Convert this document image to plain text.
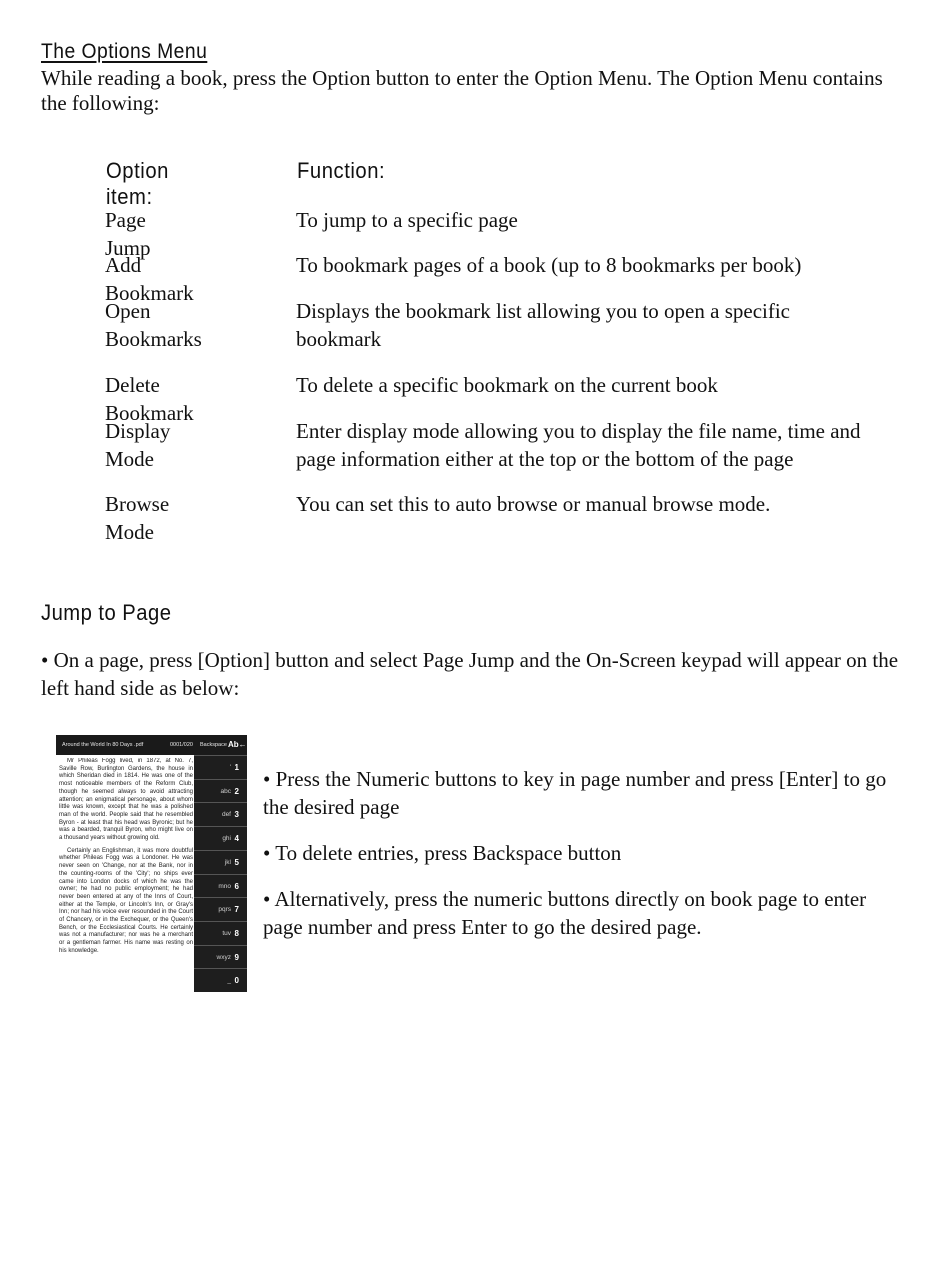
The Options Menu
While reading a book, press the Option button to enter the Option Menu. The Option Menu contains the following:
Option item:
Function:
Page Jump
To jump to a specific page
Add Bookmark
To bookmark pages of a book (up to 8 bookmarks per book)
Open Bookmarks
Displays the bookmark list allowing you to open a specific bookmark
Delete Bookmark
To delete a specific bookmark on the current book
Display Mode
Enter display mode allowing you to display the file name, time and page information either at the top or the bottom of the page
Browse Mode
You can set this to auto browse or manual browse mode.
Jump to Page
• On a page, press [Option] button and select Page Jump and the On-Screen keypad will appear on the left hand side as below:
Around the World In 80 Days .pdf	0001/020 Backspace Ab←

Mr Phileas Fogg lived, in 1872, at No. 7, Saville Row, Burlington Gardens, the house in which Sheridan died in 1814. He was one of the most noticeable members of the Reform Club, though he seemed always to avoid attracting attention; an enigmatical personage, about whom little was known, except that he was a polished man of the world. People said that he resembled Byron - at least that his head was Byronic; but he was a bearded, tranquil Byron, who might live on a thousand years without growing old.

Certainly an Englishman, it was more doubtful whether Phileas Fogg was a Londoner. He was never seen on 'Change, nor at the Bank, nor in the counting-rooms of the 'City'; no ships ever came into London docks of which he was the owner; he had no public employment; he had never been entered at any of the Inns of Court, either at the Temple, or Lincoln's Inn, or Gray's Inn; nor had his voice ever resounded in the Court of Chancery, or in the Exchequer, or the Queen's Bench, or the Ecclesiastical Courts. He certainly was not a manufacturer; nor was he a merchant or a gentleman farmer. His name was resting on his knowledge.

' 1
abc 2
def 3
ghi 4
jkl 5
mno 6
pqrs 7
tuv 8
wxyz 9
_ 0

• Press the Numeric buttons to key in page number and press [Enter] to go the desired page

• To delete entries, press Backspace button

• Alternatively, press the numeric buttons directly on book page to enter page number and press Enter to go the desired page.
